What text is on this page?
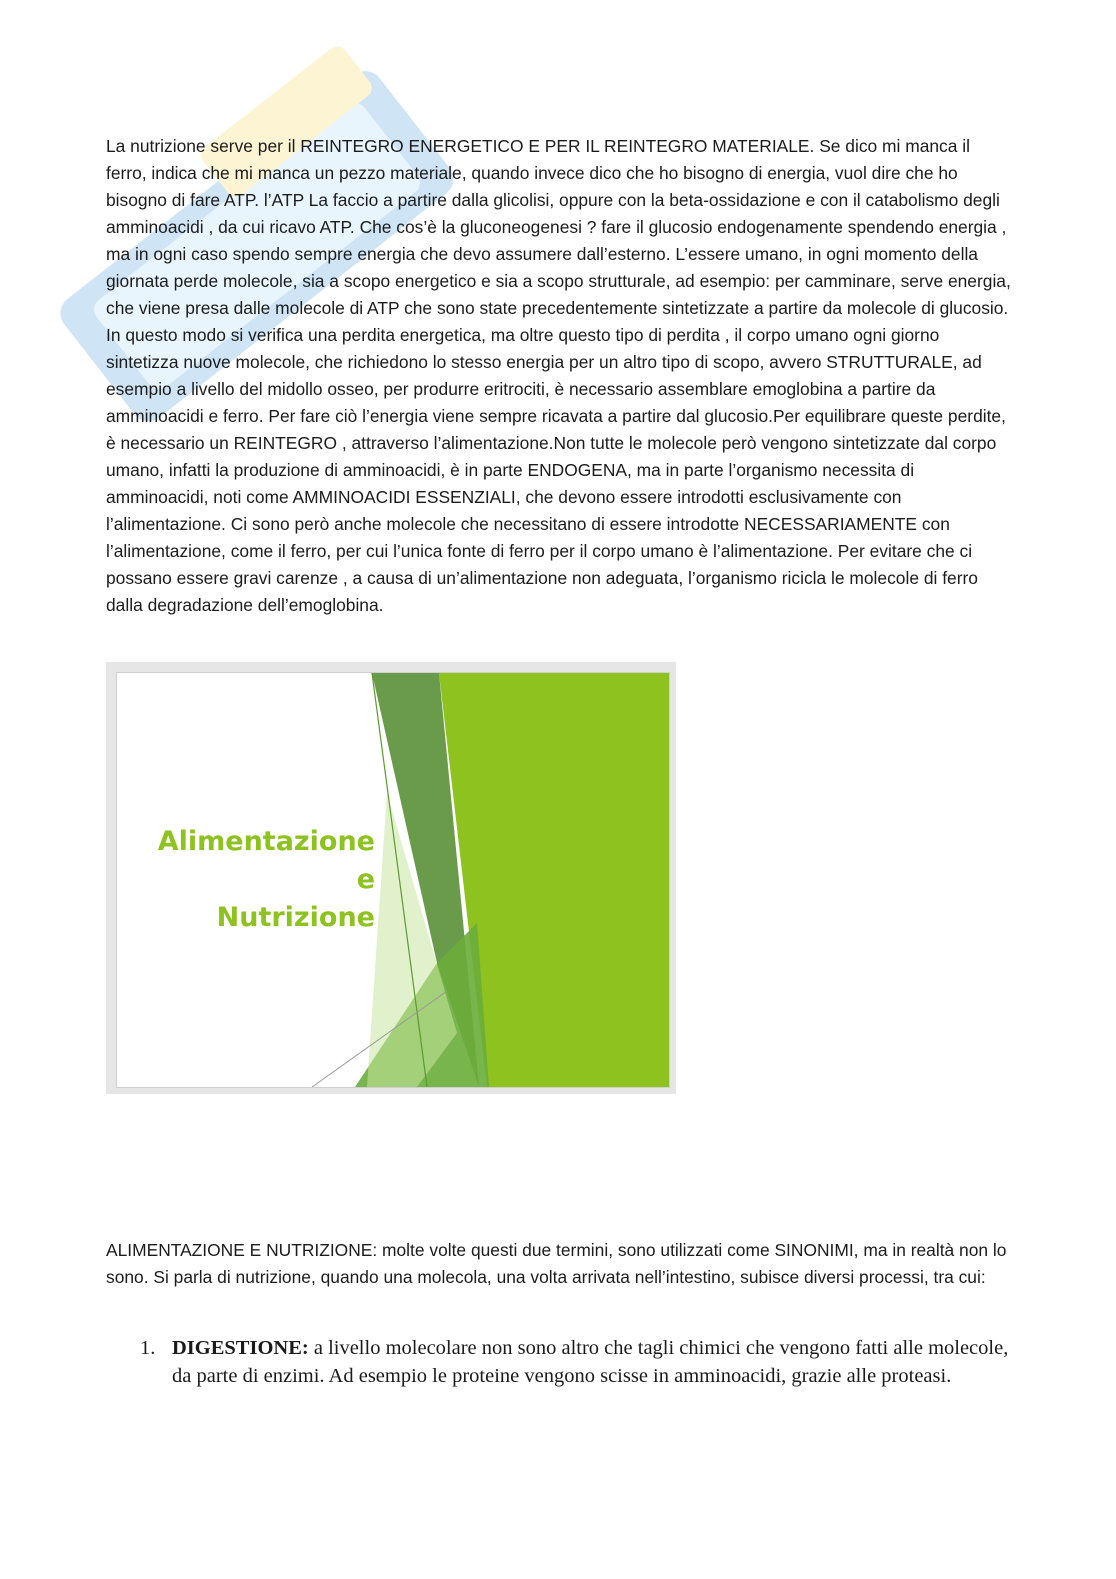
La nutrizione serve per il REINTEGRO ENERGETICO E PER IL REINTEGRO MATERIALE. Se dico mi manca il ferro, indica che mi manca un pezzo materiale, quando invece dico che ho bisogno di energia, vuol dire che ho bisogno di fare ATP. l’ATP La faccio a partire dalla glicolisi, oppure con la beta-ossidazione e con il catabolismo degli amminoacidi , da cui ricavo ATP. Che cos’è la gluconeogenesi ? fare il glucosio endogenamente spendendo energia , ma in ogni caso spendo sempre energia che devo assumere dall’esterno. L’essere umano, in ogni momento della giornata perde molecole, sia a scopo energetico e sia a scopo strutturale, ad esempio: per camminare, serve energia, che viene presa dalle molecole di ATP che sono state precedentemente sintetizzate a partire da molecole di glucosio. In questo modo si verifica una perdita energetica, ma oltre questo tipo di perdita , il corpo umano ogni giorno sintetizza nuove molecole, che richiedono lo stesso energia per un altro tipo di scopo, avvero STRUTTURALE, ad esempio a livello del midollo osseo, per produrre eritrociti, è necessario assemblare emoglobina a partire da amminoacidi e ferro. Per fare ciò l’energia viene sempre ricavata a partire dal glucosio.Per equilibrare queste perdite, è necessario un REINTEGRO , attraverso l’alimentazione.Non tutte le molecole però vengono sintetizzate dal corpo umano, infatti la produzione di amminoacidi, è in parte ENDOGENA, ma in parte l’organismo necessita di amminoacidi, noti come AMMINOACIDI ESSENZIALI, che devono essere introdotti esclusivamente con l’alimentazione. Ci sono però anche molecole che necessitano di essere introdotte NECESSARIAMENTE con l’alimentazione, come il ferro, per cui l’unica fonte di ferro per il corpo umano è l’alimentazione. Per evitare che ci possano essere gravi carenze , a causa di un’alimentazione non adeguata, l’organismo ricicla le molecole di ferro dalla degradazione dell’emoglobina.

Alimentazione
e
Nutrizione

ALIMENTAZIONE E NUTRIZIONE: molte volte questi due termini, sono utilizzati come SINONIMI, ma in realtà non lo sono. Si parla di nutrizione, quando una molecola, una volta arrivata nell’intestino, subisce diversi processi, tra cui:

1. DIGESTIONE: a livello molecolare non sono altro che tagli chimici che vengono fatti alle molecole, da parte di enzimi. Ad esempio le proteine vengono scisse in amminoacidi, grazie alle proteasi.
